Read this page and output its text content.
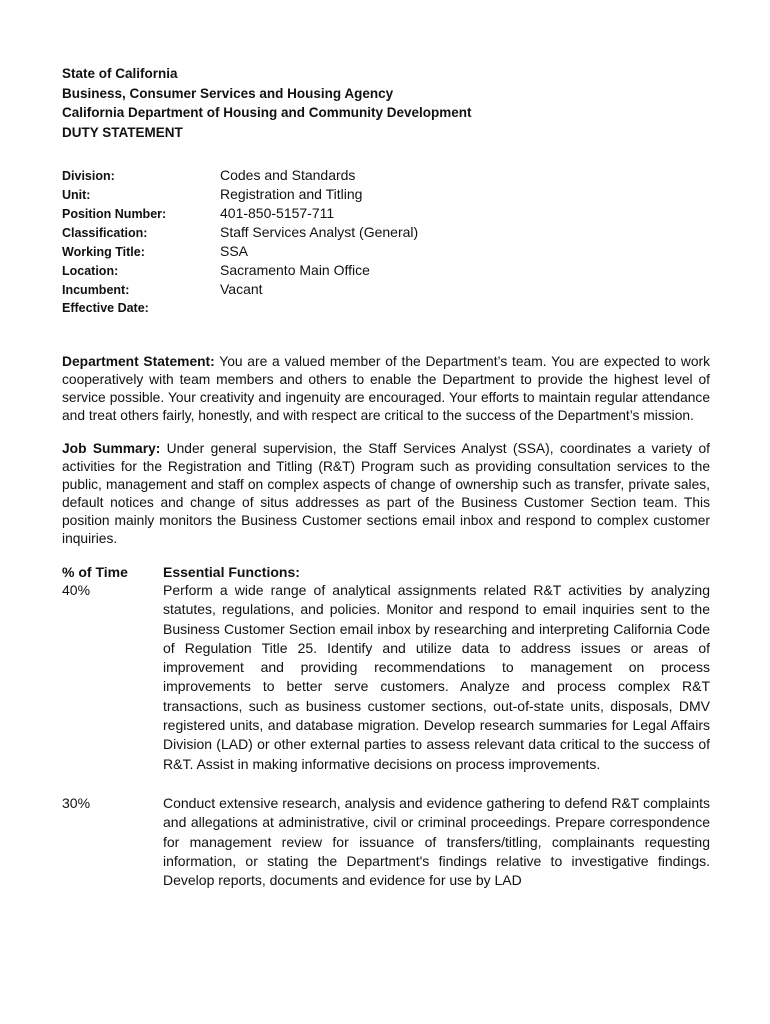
State of California

Business, Consumer Services and Housing Agency

California Department of Housing and Community Development

DUTY STATEMENT

Division:	Codes and Standards
Unit:	Registration and Titling
Position Number:	401-850-5157-711
Classification:	Staff Services Analyst (General)
Working Title:	SSA
Location:	Sacramento Main Office
Incumbent:	Vacant
Effective Date:

Department Statement: You are a valued member of the Department’s team. You are expected to work cooperatively with team members and others to enable the Department to provide the highest level of service possible. Your creativity and ingenuity are encouraged. Your efforts to maintain regular attendance and treat others fairly, honestly, and with respect are critical to the success of the Department’s mission.

Job Summary: Under general supervision, the Staff Services Analyst (SSA), coordinates a variety of activities for the Registration and Titling (R&T) Program such as providing consultation services to the public, management and staff on complex aspects of change of ownership such as transfer, private sales, default notices and change of situs addresses as part of the Business Customer Section team. This position mainly monitors the Business Customer sections email inbox and respond to complex customer inquiries.

% of Time	Essential Functions:
40%	Perform a wide range of analytical assignments related R&T activities by analyzing statutes, regulations, and policies. Monitor and respond to email inquiries sent to the Business Customer Section email inbox by researching and interpreting California Code of Regulation Title 25. Identify and utilize data to address issues or areas of improvement and providing recommendations to management on process improvements to better serve customers. Analyze and process complex R&T transactions, such as business customer sections, out-of-state units, disposals, DMV registered units, and database migration. Develop research summaries for Legal Affairs Division (LAD) or other external parties to assess relevant data critical to the success of R&T. Assist in making informative decisions on process improvements.
30%	Conduct extensive research, analysis and evidence gathering to defend R&T complaints and allegations at administrative, civil or criminal proceedings. Prepare correspondence for management review for issuance of transfers/titling, complainants requesting information, or stating the Department's findings relative to investigative findings. Develop reports, documents and evidence for use by LAD
